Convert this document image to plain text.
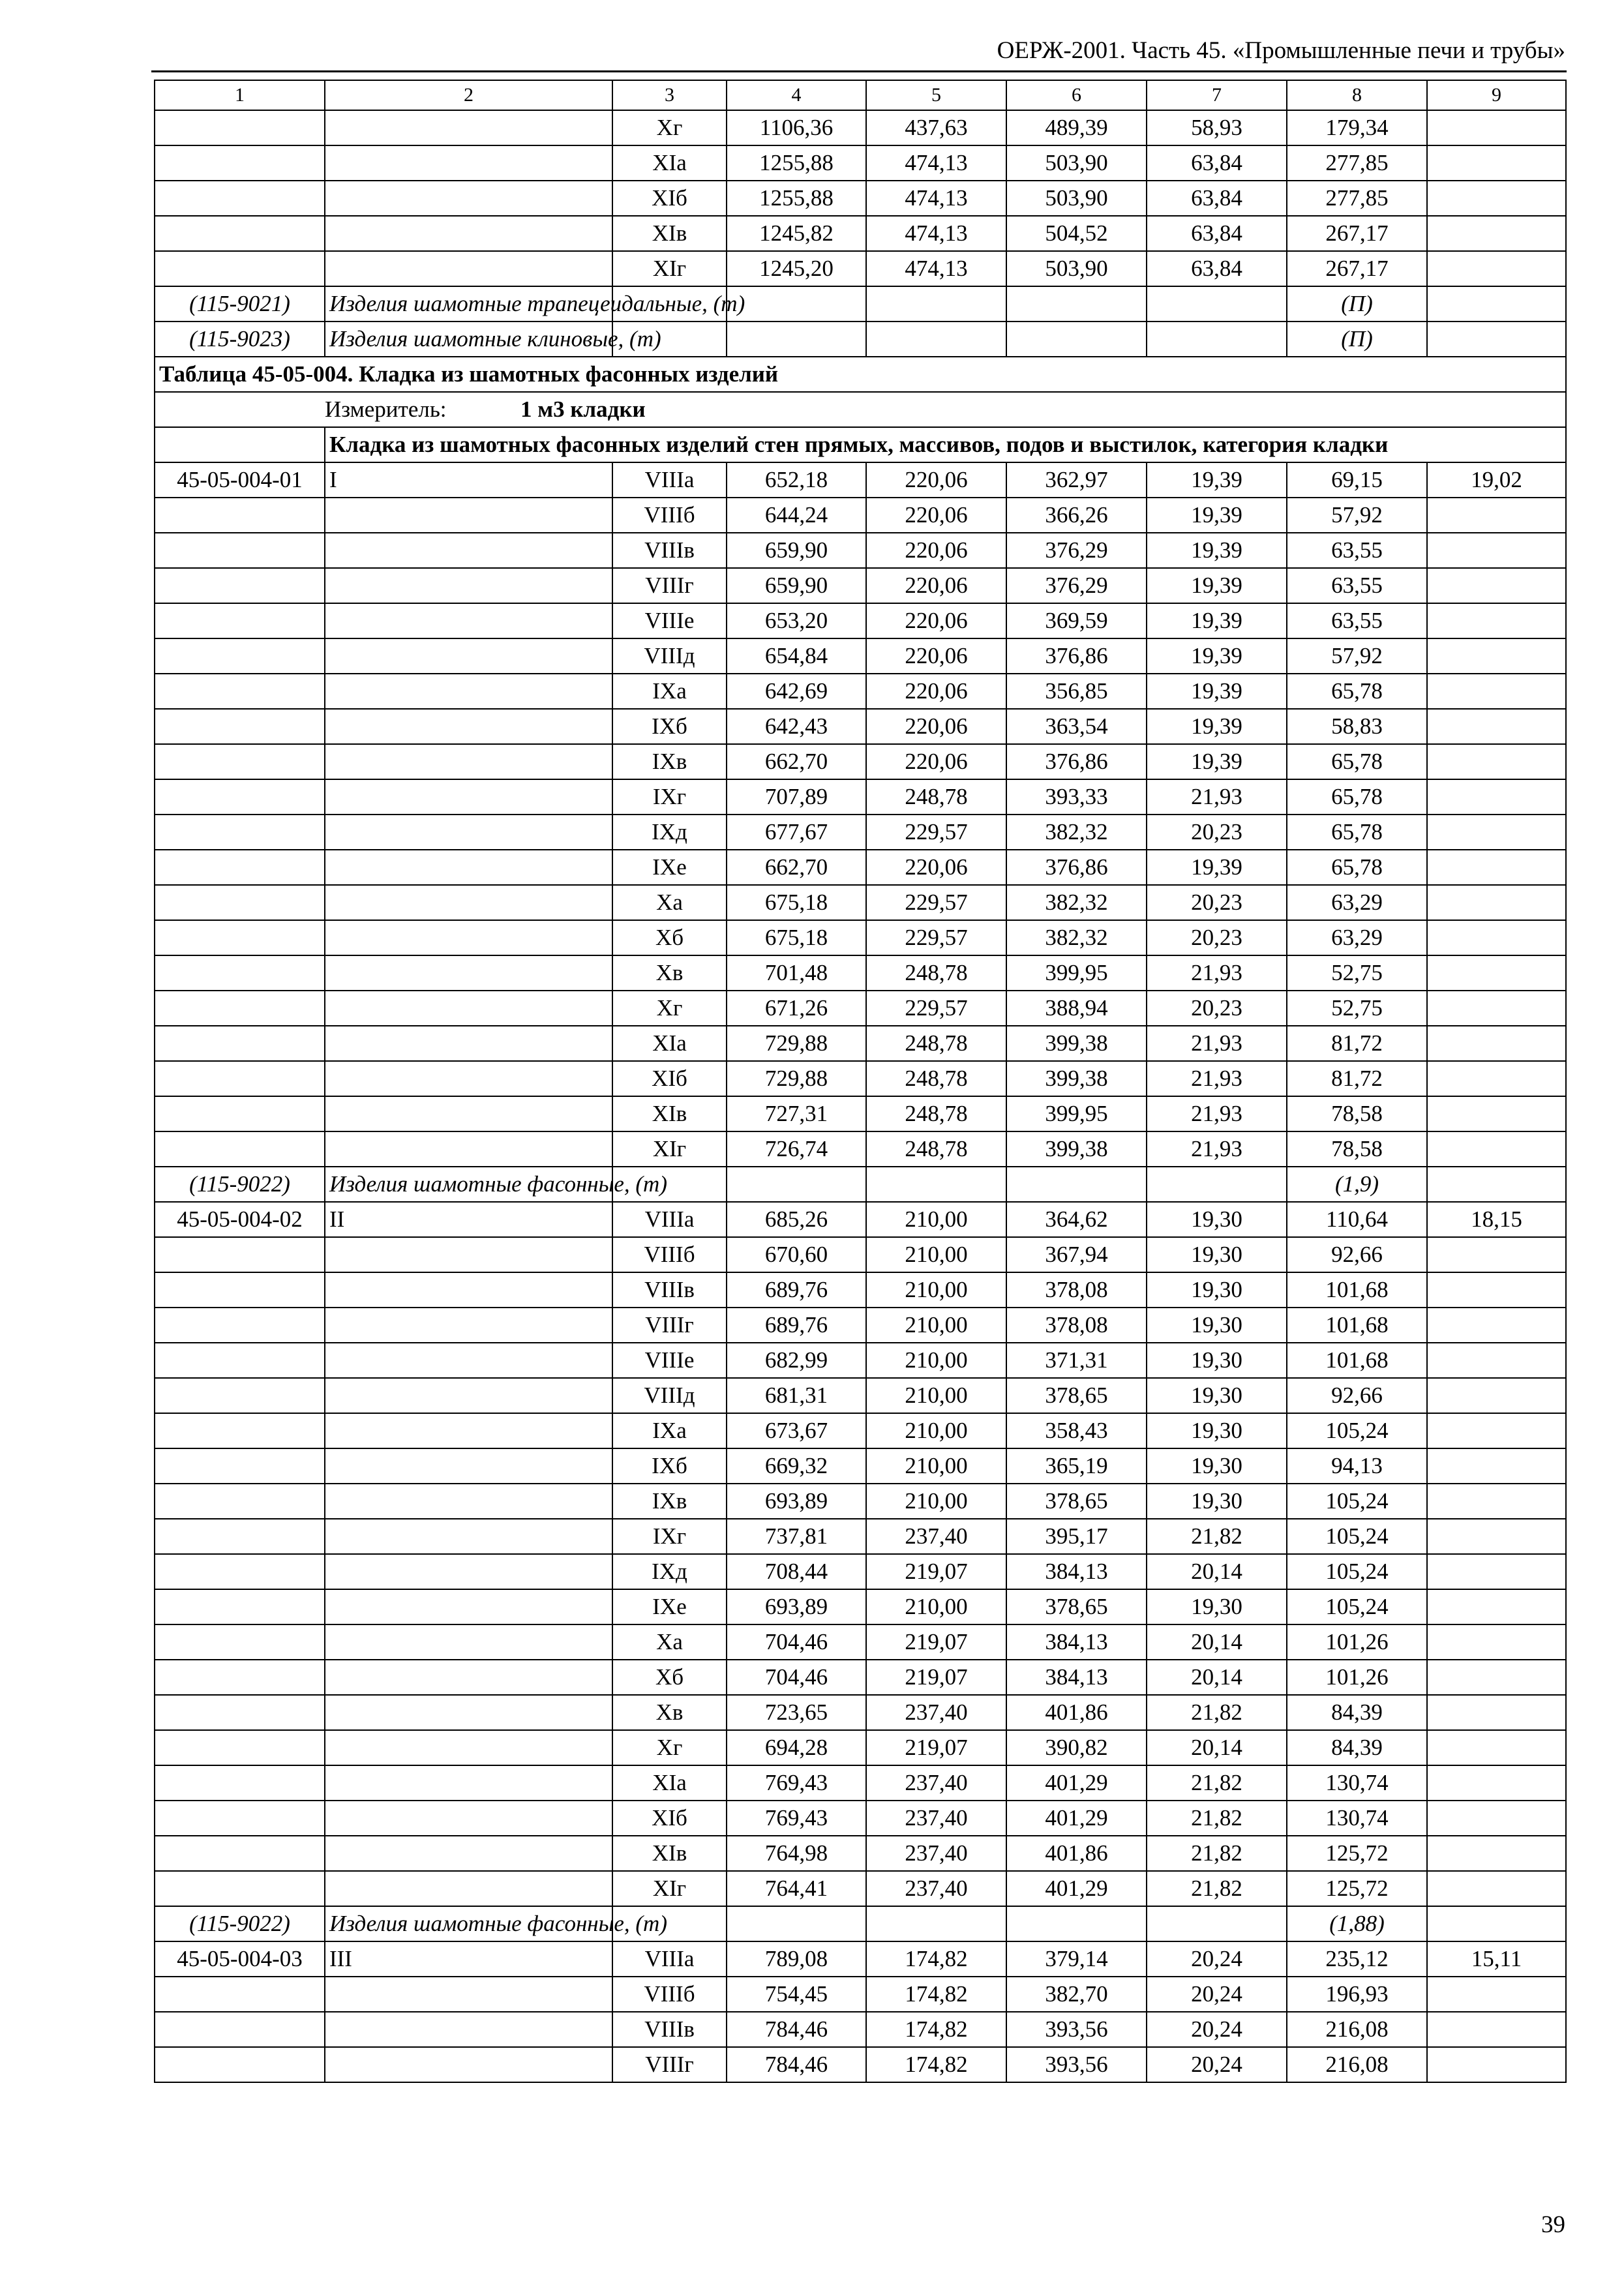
ОЕРЖ-2001. Часть 45. «Промышленные печи и трубы»
1	2	3	4	5	6	7	8	9
		Xг	1106,36	437,63	489,39	58,93	179,34	
		XIа	1255,88	474,13	503,90	63,84	277,85	
		XIб	1255,88	474,13	503,90	63,84	277,85	
		XIв	1245,82	474,13	504,52	63,84	267,17	
		XIг	1245,20	474,13	503,90	63,84	267,17	
(115-9021)	Изделия шамотные трапецеидальные, (т)						(П)	
(115-9023)	Изделия шамотные клиновые, (т)						(П)	
Таблица 45-05-004. Кладка из шамотных фасонных изделий								
Измеритель: 1 м3 кладки								
	Кладка из шамотных фасонных изделий стен прямых, массивов, подов и выстилок, категория кладки							
45-05-004-01	I	VIIIа	652,18	220,06	362,97	19,39	69,15	19,02
		VIIIб	644,24	220,06	366,26	19,39	57,92	
		VIIIв	659,90	220,06	376,29	19,39	63,55	
		VIIIг	659,90	220,06	376,29	19,39	63,55	
		VIIIе	653,20	220,06	369,59	19,39	63,55	
		VIIIд	654,84	220,06	376,86	19,39	57,92	
		IXа	642,69	220,06	356,85	19,39	65,78	
		IXб	642,43	220,06	363,54	19,39	58,83	
		IXв	662,70	220,06	376,86	19,39	65,78	
		IXг	707,89	248,78	393,33	21,93	65,78	
		IXд	677,67	229,57	382,32	20,23	65,78	
		IXе	662,70	220,06	376,86	19,39	65,78	
		Xа	675,18	229,57	382,32	20,23	63,29	
		Xб	675,18	229,57	382,32	20,23	63,29	
		Xв	701,48	248,78	399,95	21,93	52,75	
		Xг	671,26	229,57	388,94	20,23	52,75	
		XIа	729,88	248,78	399,38	21,93	81,72	
		XIб	729,88	248,78	399,38	21,93	81,72	
		XIв	727,31	248,78	399,95	21,93	78,58	
		XIг	726,74	248,78	399,38	21,93	78,58	
(115-9022)	Изделия шамотные фасонные, (т)						(1,9)	
45-05-004-02	II	VIIIа	685,26	210,00	364,62	19,30	110,64	18,15
		VIIIб	670,60	210,00	367,94	19,30	92,66	
		VIIIв	689,76	210,00	378,08	19,30	101,68	
		VIIIг	689,76	210,00	378,08	19,30	101,68	
		VIIIе	682,99	210,00	371,31	19,30	101,68	
		VIIIд	681,31	210,00	378,65	19,30	92,66	
		IXа	673,67	210,00	358,43	19,30	105,24	
		IXб	669,32	210,00	365,19	19,30	94,13	
		IXв	693,89	210,00	378,65	19,30	105,24	
		IXг	737,81	237,40	395,17	21,82	105,24	
		IXд	708,44	219,07	384,13	20,14	105,24	
		IXе	693,89	210,00	378,65	19,30	105,24	
		Xа	704,46	219,07	384,13	20,14	101,26	
		Xб	704,46	219,07	384,13	20,14	101,26	
		Xв	723,65	237,40	401,86	21,82	84,39	
		Xг	694,28	219,07	390,82	20,14	84,39	
		XIа	769,43	237,40	401,29	21,82	130,74	
		XIб	769,43	237,40	401,29	21,82	130,74	
		XIв	764,98	237,40	401,86	21,82	125,72	
		XIг	764,41	237,40	401,29	21,82	125,72	
(115-9022)	Изделия шамотные фасонные, (т)						(1,88)	
45-05-004-03	III	VIIIа	789,08	174,82	379,14	20,24	235,12	15,11
		VIIIб	754,45	174,82	382,70	20,24	196,93	
		VIIIв	784,46	174,82	393,56	20,24	216,08	
		VIIIг	784,46	174,82	393,56	20,24	216,08	
39
